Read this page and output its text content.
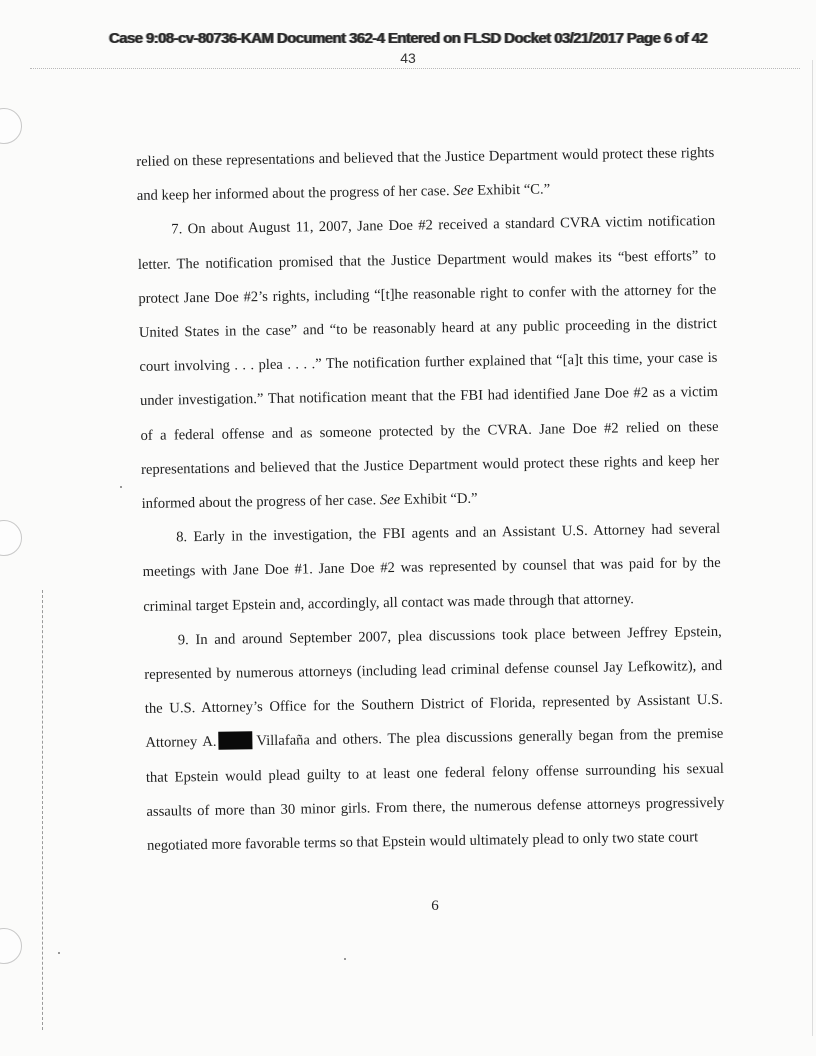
Case 9:08-cv-80736-KAM Document 362-4 Entered on FLSD Docket 03/21/2017 Page 6 of 42
43

relied on these representations and believed that the Justice Department would protect these rights and keep her informed about the progress of her case. See Exhibit “C.”

7. On about August 11, 2007, Jane Doe #2 received a standard CVRA victim notification letter. The notification promised that the Justice Department would makes its “best efforts” to protect Jane Doe #2’s rights, including “[t]he reasonable right to confer with the attorney for the United States in the case” and “to be reasonably heard at any public proceeding in the district court involving . . . plea . . . .” The notification further explained that “[a]t this time, your case is under investigation.” That notification meant that the FBI had identified Jane Doe #2 as a victim of a federal offense and as someone protected by the CVRA. Jane Doe #2 relied on these representations and believed that the Justice Department would protect these rights and keep her informed about the progress of her case. See Exhibit “D.”

8. Early in the investigation, the FBI agents and an Assistant U.S. Attorney had several meetings with Jane Doe #1. Jane Doe #2 was represented by counsel that was paid for by the criminal target Epstein and, accordingly, all contact was made through that attorney.

9. In and around September 2007, plea discussions took place between Jeffrey Epstein, represented by numerous attorneys (including lead criminal defense counsel Jay Lefkowitz), and the U.S. Attorney’s Office for the Southern District of Florida, represented by Assistant U.S. Attorney A.	Villafaña and others. The plea discussions generally began from the premise that Epstein would plead guilty to at least one federal felony offense surrounding his sexual assaults of more than 30 minor girls. From there, the numerous defense attorneys progressively negotiated more favorable terms so that Epstein would ultimately plead to only two state court

6
